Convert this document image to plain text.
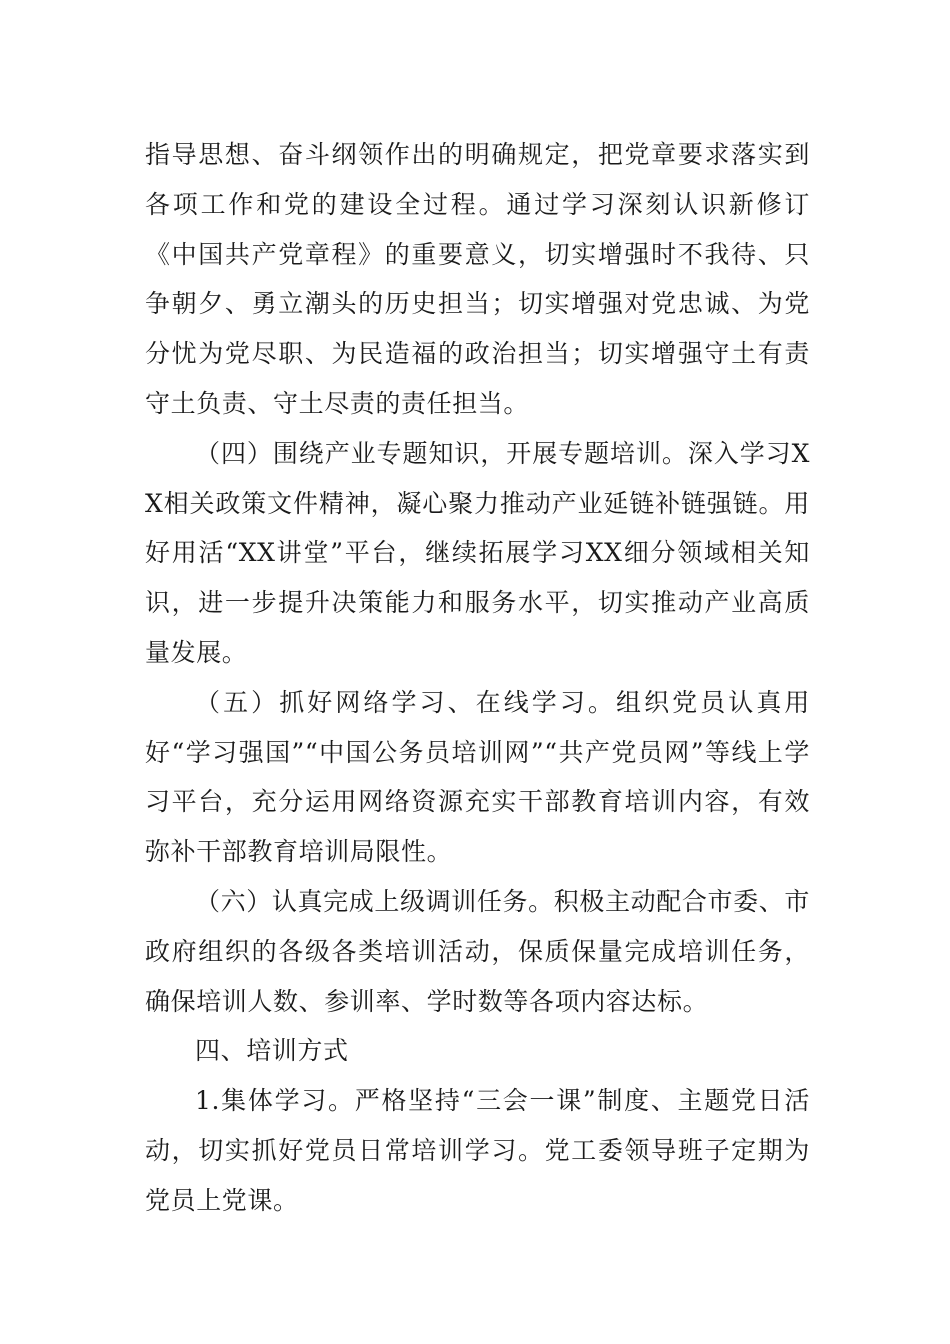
指导思想、奋斗纲领作出的明确规定，把党章要求落实到各项工作和党的建设全过程。通过学习深刻认识新修订《中国共产党章程》的重要意义，切实增强时不我待、只争朝夕、勇立潮头的历史担当；切实增强对党忠诚、为党分忧为党尽职、为民造福的政治担当；切实增强守土有责守土负责、守土尽责的责任担当。

（四）围绕产业专题知识，开展专题培训。深入学习XX相关政策文件精神，凝心聚力推动产业延链补链强链。用好用活“XX讲堂”平台，继续拓展学习XX细分领域相关知识，进一步提升决策能力和服务水平，切实推动产业高质量发展。

（五）抓好网络学习、在线学习。组织党员认真用好“学习强国”“中国公务员培训网”“共产党员网”等线上学习平台，充分运用网络资源充实干部教育培训内容，有效弥补干部教育培训局限性。

（六）认真完成上级调训任务。积极主动配合市委、市政府组织的各级各类培训活动，保质保量完成培训任务，确保培训人数、参训率、学时数等各项内容达标。

四、培训方式

1.集体学习。严格坚持“三会一课”制度、主题党日活动，切实抓好党员日常培训学习。党工委领导班子定期为党员上党课。
